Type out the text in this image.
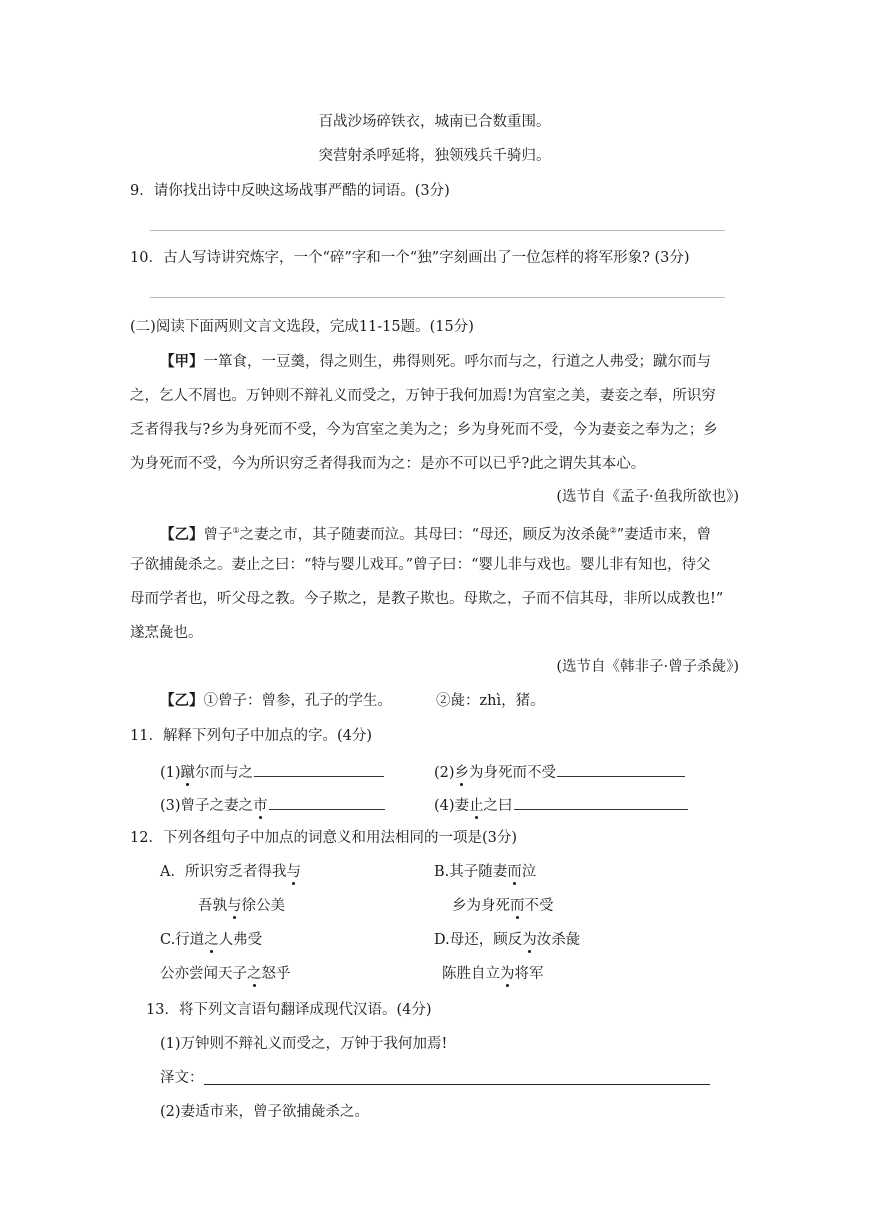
百战沙场碎铁衣，城南已合数重围。
突营射杀呼延将，独领残兵千骑归。
9．请你找出诗中反映这场战事严酷的词语。(3分)
10．古人写诗讲究炼字，一个“碎”字和一个“独”字刻画出了一位怎样的将军形象? (3分)
(二)阅读下面两则文言文选段，完成11-15题。(15分)
【甲】一箪食，一豆羹，得之则生，弗得则死。呼尔而与之，行道之人弗受；蹴尔而与
之，乞人不屑也。万钟则不辩礼义而受之，万钟于我何加焉!为宫室之美，妻妾之奉，所识穷
乏者得我与?乡为身死而不受，今为宫室之美为之；乡为身死而不受，今为妻妾之奉为之；乡
为身死而不受，今为所识穷乏者得我而为之：是亦不可以已乎?此之谓失其本心。
(选节自《孟子·鱼我所欲也》)
【乙】曾子①之妻之市，其子随妻而泣。其母曰：“母还，顾反为汝杀彘②”妻适市来，曾
子欲捕彘杀之。妻止之曰：“特与婴儿戏耳。”曾子曰：“婴儿非与戏也。婴儿非有知也，待父
母而学者也，听父母之教。今子欺之，是教子欺也。母欺之，子而不信其母，非所以成教也!”
遂烹彘也。
(选节自《韩非子·曾子杀彘》)
【乙】①曾子：曾参，孔子的学生。	②彘：zhì，猪。
11．解释下列句子中加点的字。(4分)
(1)蹴尔而与之	(2)乡为身死而不受
(3)曾子之妻之市	(4)妻止之曰
12．下列各组句子中加点的词意义和用法相同的一项是(3分)
A．所识穷乏者得我与	B.其子随妻而泣
吾孰与徐公美	乡为身死而不受
C.行道之人弗受	D.母还，顾反为汝杀彘
公亦尝闻天子之怒乎	陈胜自立为将军
13．将下列文言语句翻译成现代汉语。(4分)
(1)万钟则不辩礼义而受之，万钟于我何加焉!
泽文：
(2)妻适市来，曾子欲捕彘杀之。
